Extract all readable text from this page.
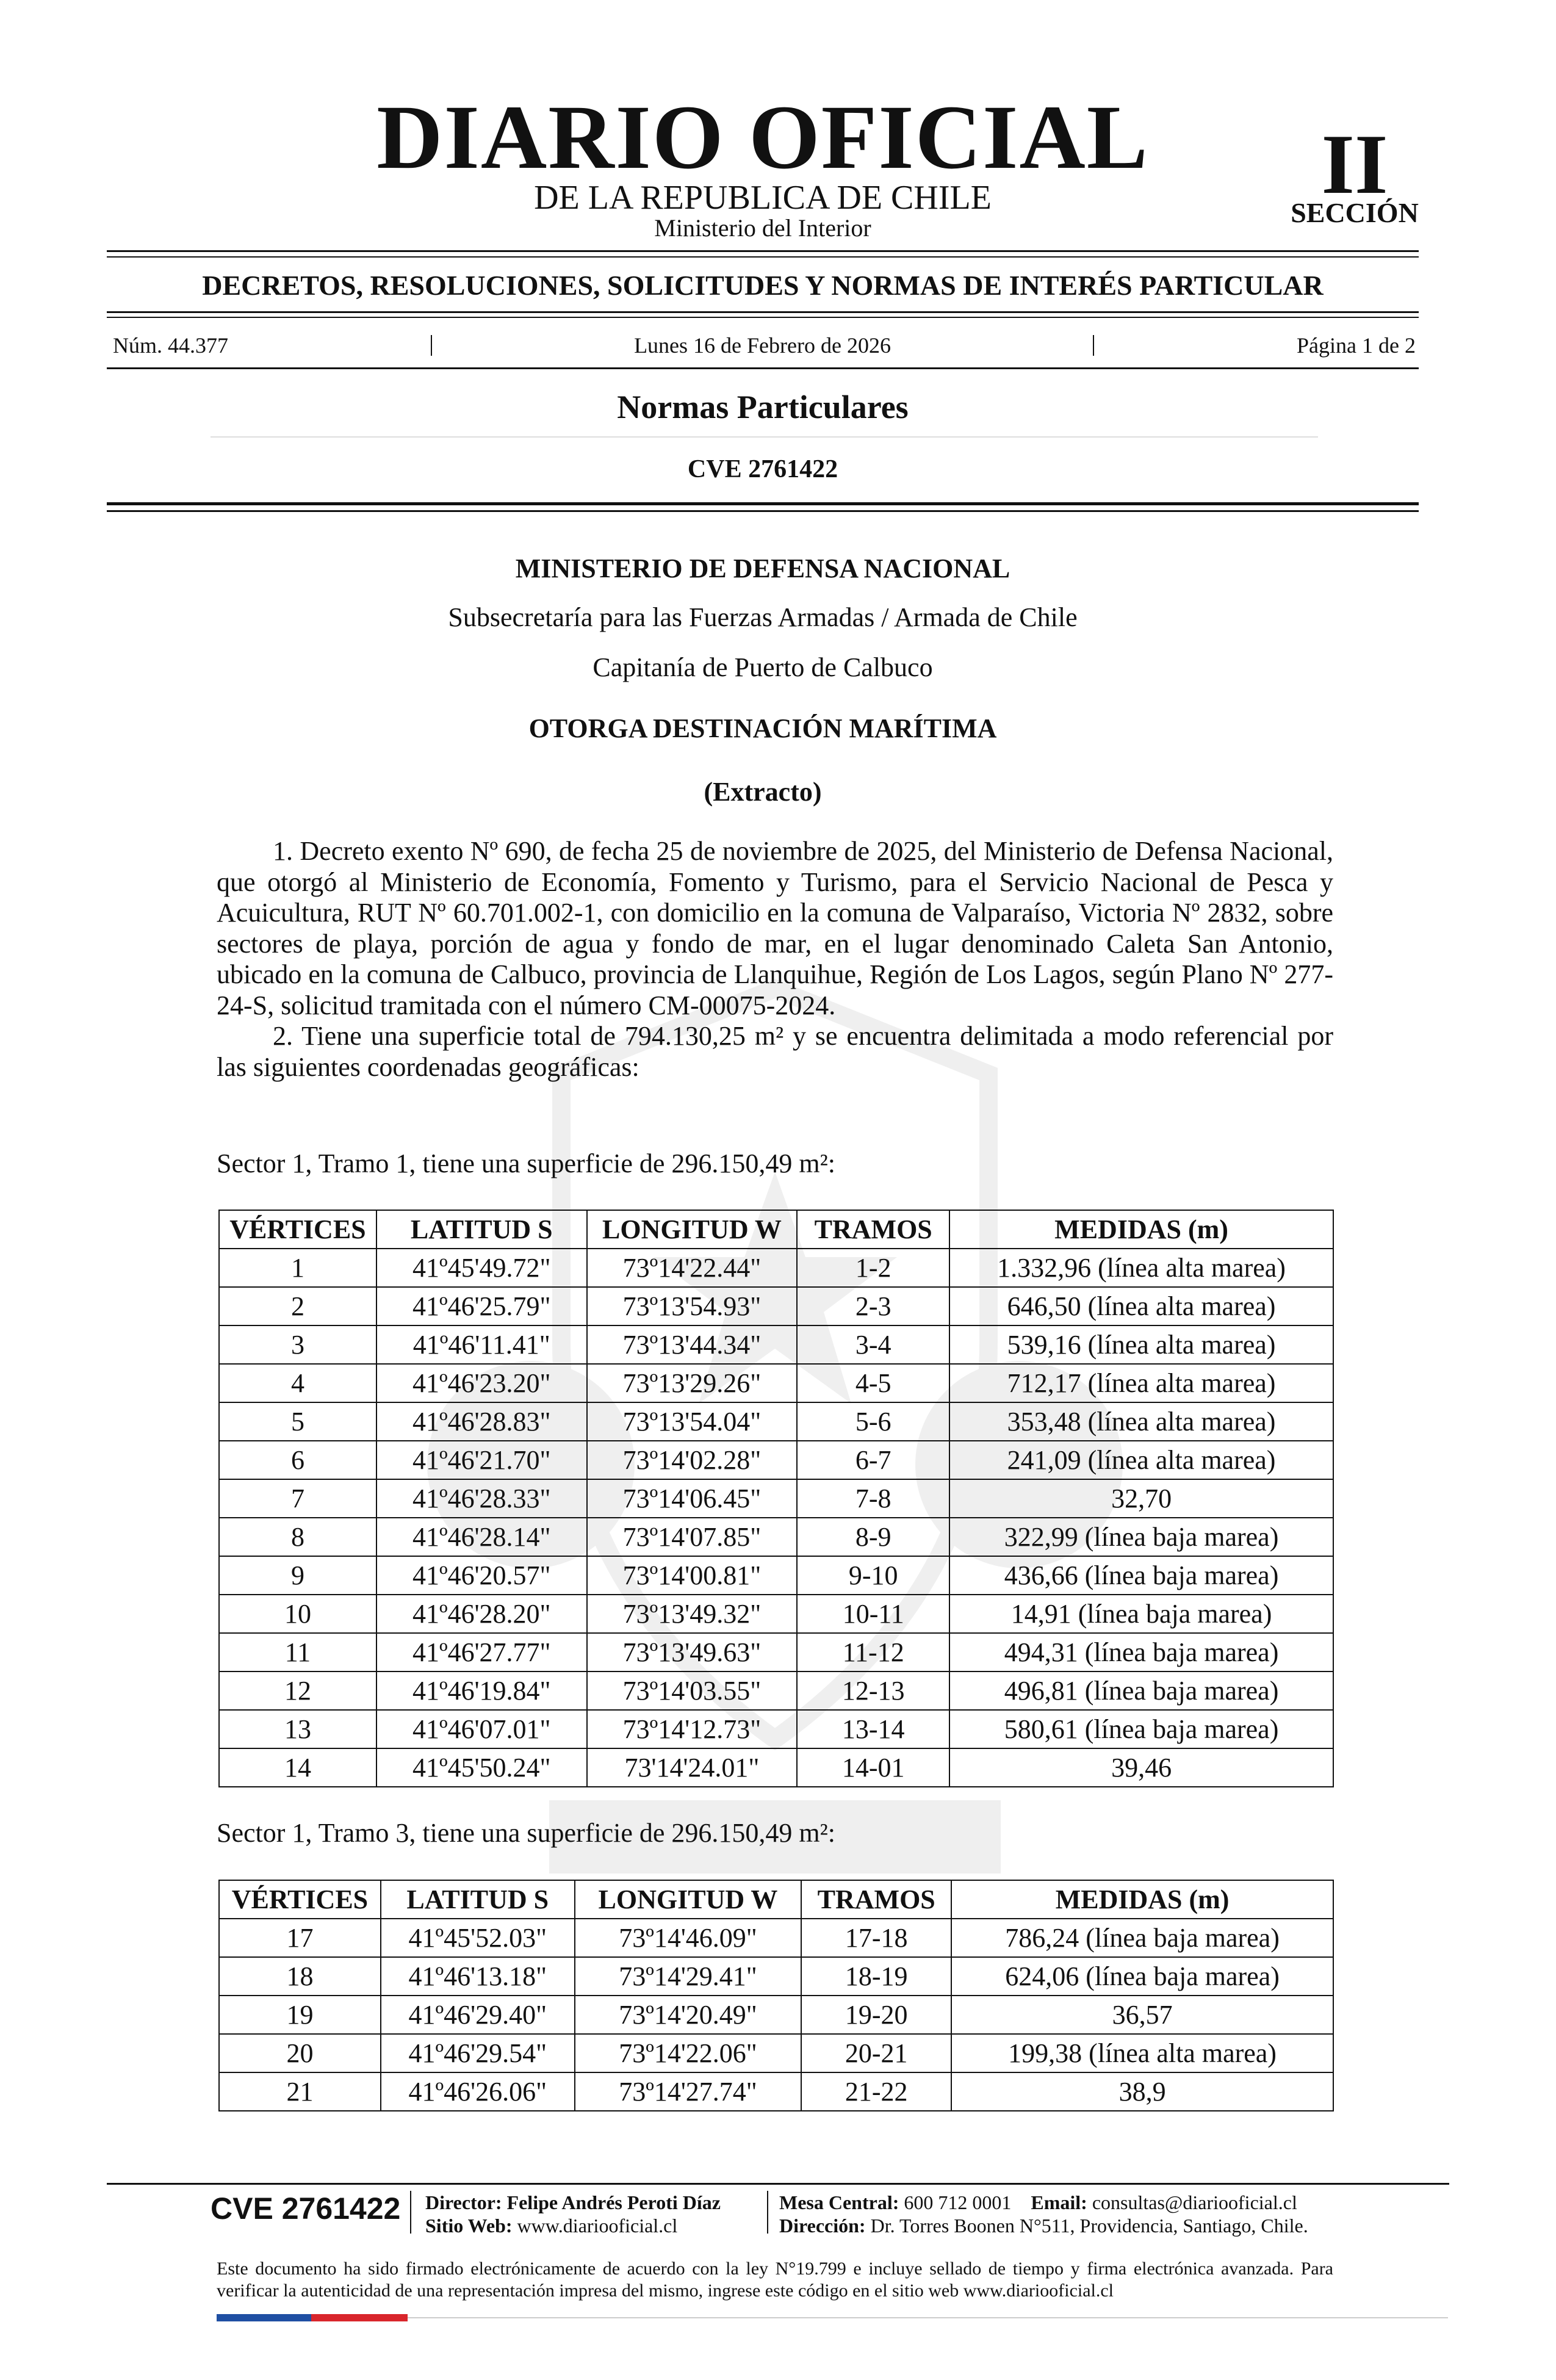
DIARIO OFICIAL
DE LA REPUBLICA DE CHILE
Ministerio del Interior
II
SECCIÓN
DECRETOS, RESOLUCIONES, SOLICITUDES Y NORMAS DE INTERÉS PARTICULAR
Núm. 44.377	Lunes 16 de Febrero de 2026	Página 1 de 2
Normas Particulares
CVE 2761422
MINISTERIO DE DEFENSA NACIONAL
Subsecretaría para las Fuerzas Armadas / Armada de Chile
Capitanía de Puerto de Calbuco
OTORGA DESTINACIÓN MARÍTIMA
(Extracto)

1. Decreto exento Nº 690, de fecha 25 de noviembre de 2025, del Ministerio de Defensa Nacional, que otorgó al Ministerio de Economía, Fomento y Turismo, para el Servicio Nacional de Pesca y Acuicultura, RUT Nº 60.701.002-1, con domicilio en la comuna de Valparaíso, Victoria Nº 2832, sobre sectores de playa, porción de agua y fondo de mar, en el lugar denominado Caleta San Antonio, ubicado en la comuna de Calbuco, provincia de Llanquihue, Región de Los Lagos, según Plano Nº 277-24-S, solicitud tramitada con el número CM-00075-2024.

2. Tiene una superficie total de 794.130,25 m² y se encuentra delimitada a modo referencial por las siguientes coordenadas geográficas:

Sector 1, Tramo 1, tiene una superficie de 296.150,49 m²:
VÉRTICES	LATITUD S	LONGITUD W	TRAMOS	MEDIDAS (m)
1	41º45'49.72"	73º14'22.44"	1-2	1.332,96 (línea alta marea)
2	41º46'25.79"	73º13'54.93"	2-3	646,50 (línea alta marea)
3	41º46'11.41"	73º13'44.34"	3-4	539,16 (línea alta marea)
4	41º46'23.20"	73º13'29.26"	4-5	712,17 (línea alta marea)
5	41º46'28.83"	73º13'54.04"	5-6	353,48 (línea alta marea)
6	41º46'21.70"	73º14'02.28"	6-7	241,09 (línea alta marea)
7	41º46'28.33"	73º14'06.45"	7-8	32,70
8	41º46'28.14"	73º14'07.85"	8-9	322,99 (línea baja marea)
9	41º46'20.57"	73º14'00.81"	9-10	436,66 (línea baja marea)
10	41º46'28.20"	73º13'49.32"	10-11	14,91 (línea baja marea)
11	41º46'27.77"	73º13'49.63"	11-12	494,31 (línea baja marea)
12	41º46'19.84"	73º14'03.55"	12-13	496,81 (línea baja marea)
13	41º46'07.01"	73º14'12.73"	13-14	580,61 (línea baja marea)
14	41º45'50.24"	73'14'24.01"	14-01	39,46
Sector 1, Tramo 3, tiene una superficie de 296.150,49 m²:
VÉRTICES	LATITUD S	LONGITUD W	TRAMOS	MEDIDAS (m)
17	41º45'52.03"	73º14'46.09"	17-18	786,24 (línea baja marea)
18	41º46'13.18"	73º14'29.41"	18-19	624,06 (línea baja marea)
19	41º46'29.40"	73º14'20.49"	19-20	36,57
20	41º46'29.54"	73º14'22.06"	20-21	199,38 (línea alta marea)
21	41º46'26.06"	73º14'27.74"	21-22	38,9
CVE 2761422 Director: Felipe Andrés Peroti Díaz
Sitio Web: www.diariooficial.cl
Mesa Central: 600 712 0001 Email: consultas@diariooficial.cl
Dirección: Dr. Torres Boonen N°511, Providencia, Santiago, Chile.
Este documento ha sido firmado electrónicamente de acuerdo con la ley N°19.799 e incluye sellado de tiempo y firma electrónica avanzada. Para verificar la autenticidad de una representación impresa del mismo, ingrese este código en el sitio web www.diariooficial.cl
